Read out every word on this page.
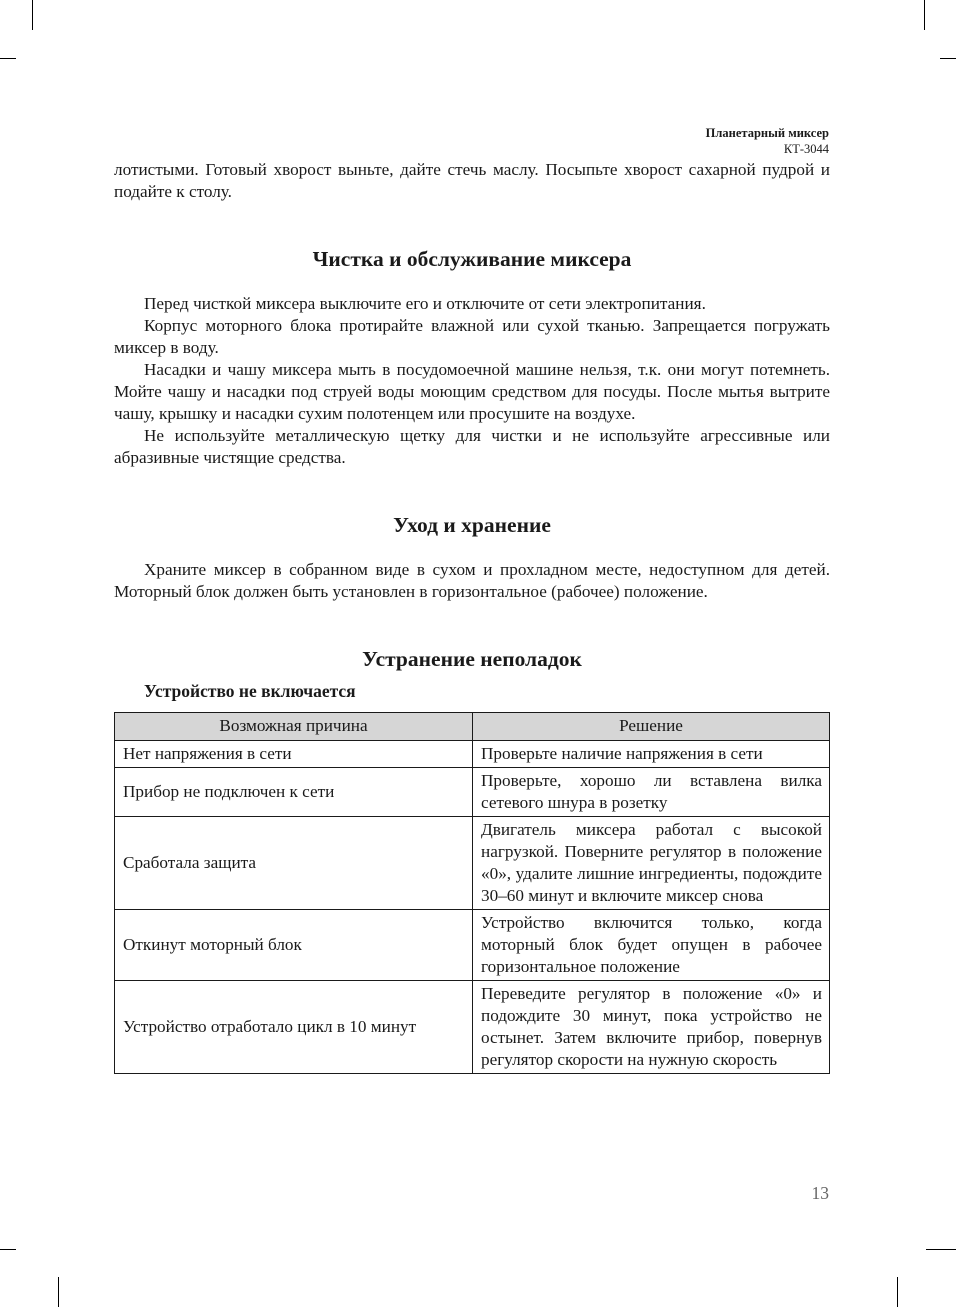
Планетарный миксер
КТ-3044

лотистыми. Готовый хворост выньте, дайте стечь маслу. Посыпьте хворост сахарной пудрой и подайте к столу.

Чистка и обслуживание миксера

Перед чисткой миксера выключите его и отключите от сети электропитания.

Корпус моторного блока протирайте влажной или сухой тканью. Запрещается погружать миксер в воду.

Насадки и чашу миксера мыть в посудомоечной машине нельзя, т.к. они могут потемнеть. Мойте чашу и насадки под струей воды моющим средством для посуды. После мытья вытрите чашу, крышку и насадки сухим полотенцем или просушите на воздухе.

Не используйте металлическую щетку для чистки и не используйте агрессивные или абразивные чистящие средства.

Уход и хранение

Храните миксер в собранном виде в сухом и прохладном месте, недоступном для детей. Моторный блок должен быть установлен в горизонтальное (рабочее) положение.

Устранение неполадок
Устройство не включается
Возможная причина	Решение
Нет напряжения в сети	Проверьте наличие напряжения в сети
Прибор не подключен к сети	Проверьте, хорошо ли вставлена вилка сетевого шнура в розетку
Сработала защита	Двигатель миксера работал с высокой нагрузкой. Поверните регулятор в положение «0», удалите лишние ингредиенты, подождите 30–60 минут и включите миксер снова
Откинут моторный блок	Устройство включится только, когда моторный блок будет опущен в рабочее горизонтальное положение
Устройство отработало цикл в 10 минут	Переведите регулятор в положение «0» и подождите 30 минут, пока устройство не остынет. Затем включите прибор, повернув регулятор скорости на нужную скорость
13
